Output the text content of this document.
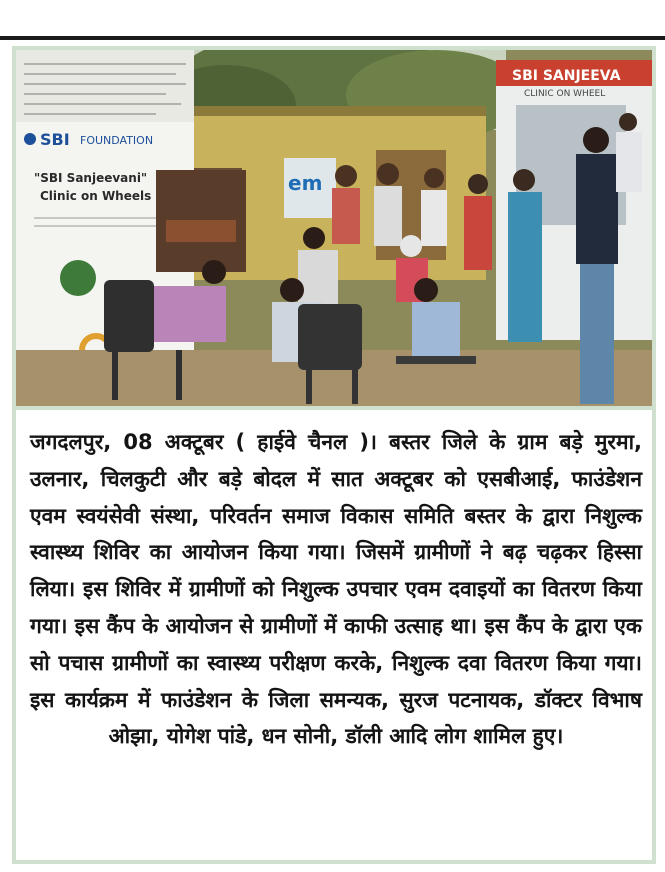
em
SBI SANJEEVA
CLINIC ON WHEEL
SBI FOUNDATION
"SBI Sanjeevani"
Clinic on Wheels

जगदलपुर, 08 अक्टूबर ( हाईवे चैनल )। बस्तर जिले के ग्राम बड़े मुरमा, उलनार, चिलकुटी और बड़े बोदल में सात अक्टूबर को एसबीआई, फाउंडेशन एवम स्वयंसेवी संस्था, परिवर्तन समाज विकास समिति बस्तर के द्वारा निशुल्क स्वास्थ्य शिविर का आयोजन किया गया। जिसमें ग्रामीणों ने बढ़ चढ़कर हिस्सा लिया। इस शिविर में ग्रामीणों को निशुल्क उपचार एवम दवाइयों का वितरण किया गया। इस कैंप के आयोजन से ग्रामीणों में काफी उत्साह था। इस कैंप के द्वारा एक सो पचास ग्रामीणों का स्वास्थ्य परीक्षण करके, निशुल्क दवा वितरण किया गया। इस कार्यक्रम में फाउंडेशन के जिला समन्यक, सुरज पटनायक, डॉक्टर विभाष ओझा, योगेश पांडे, धन सोनी, डॉली आदि लोग शामिल हुए।
